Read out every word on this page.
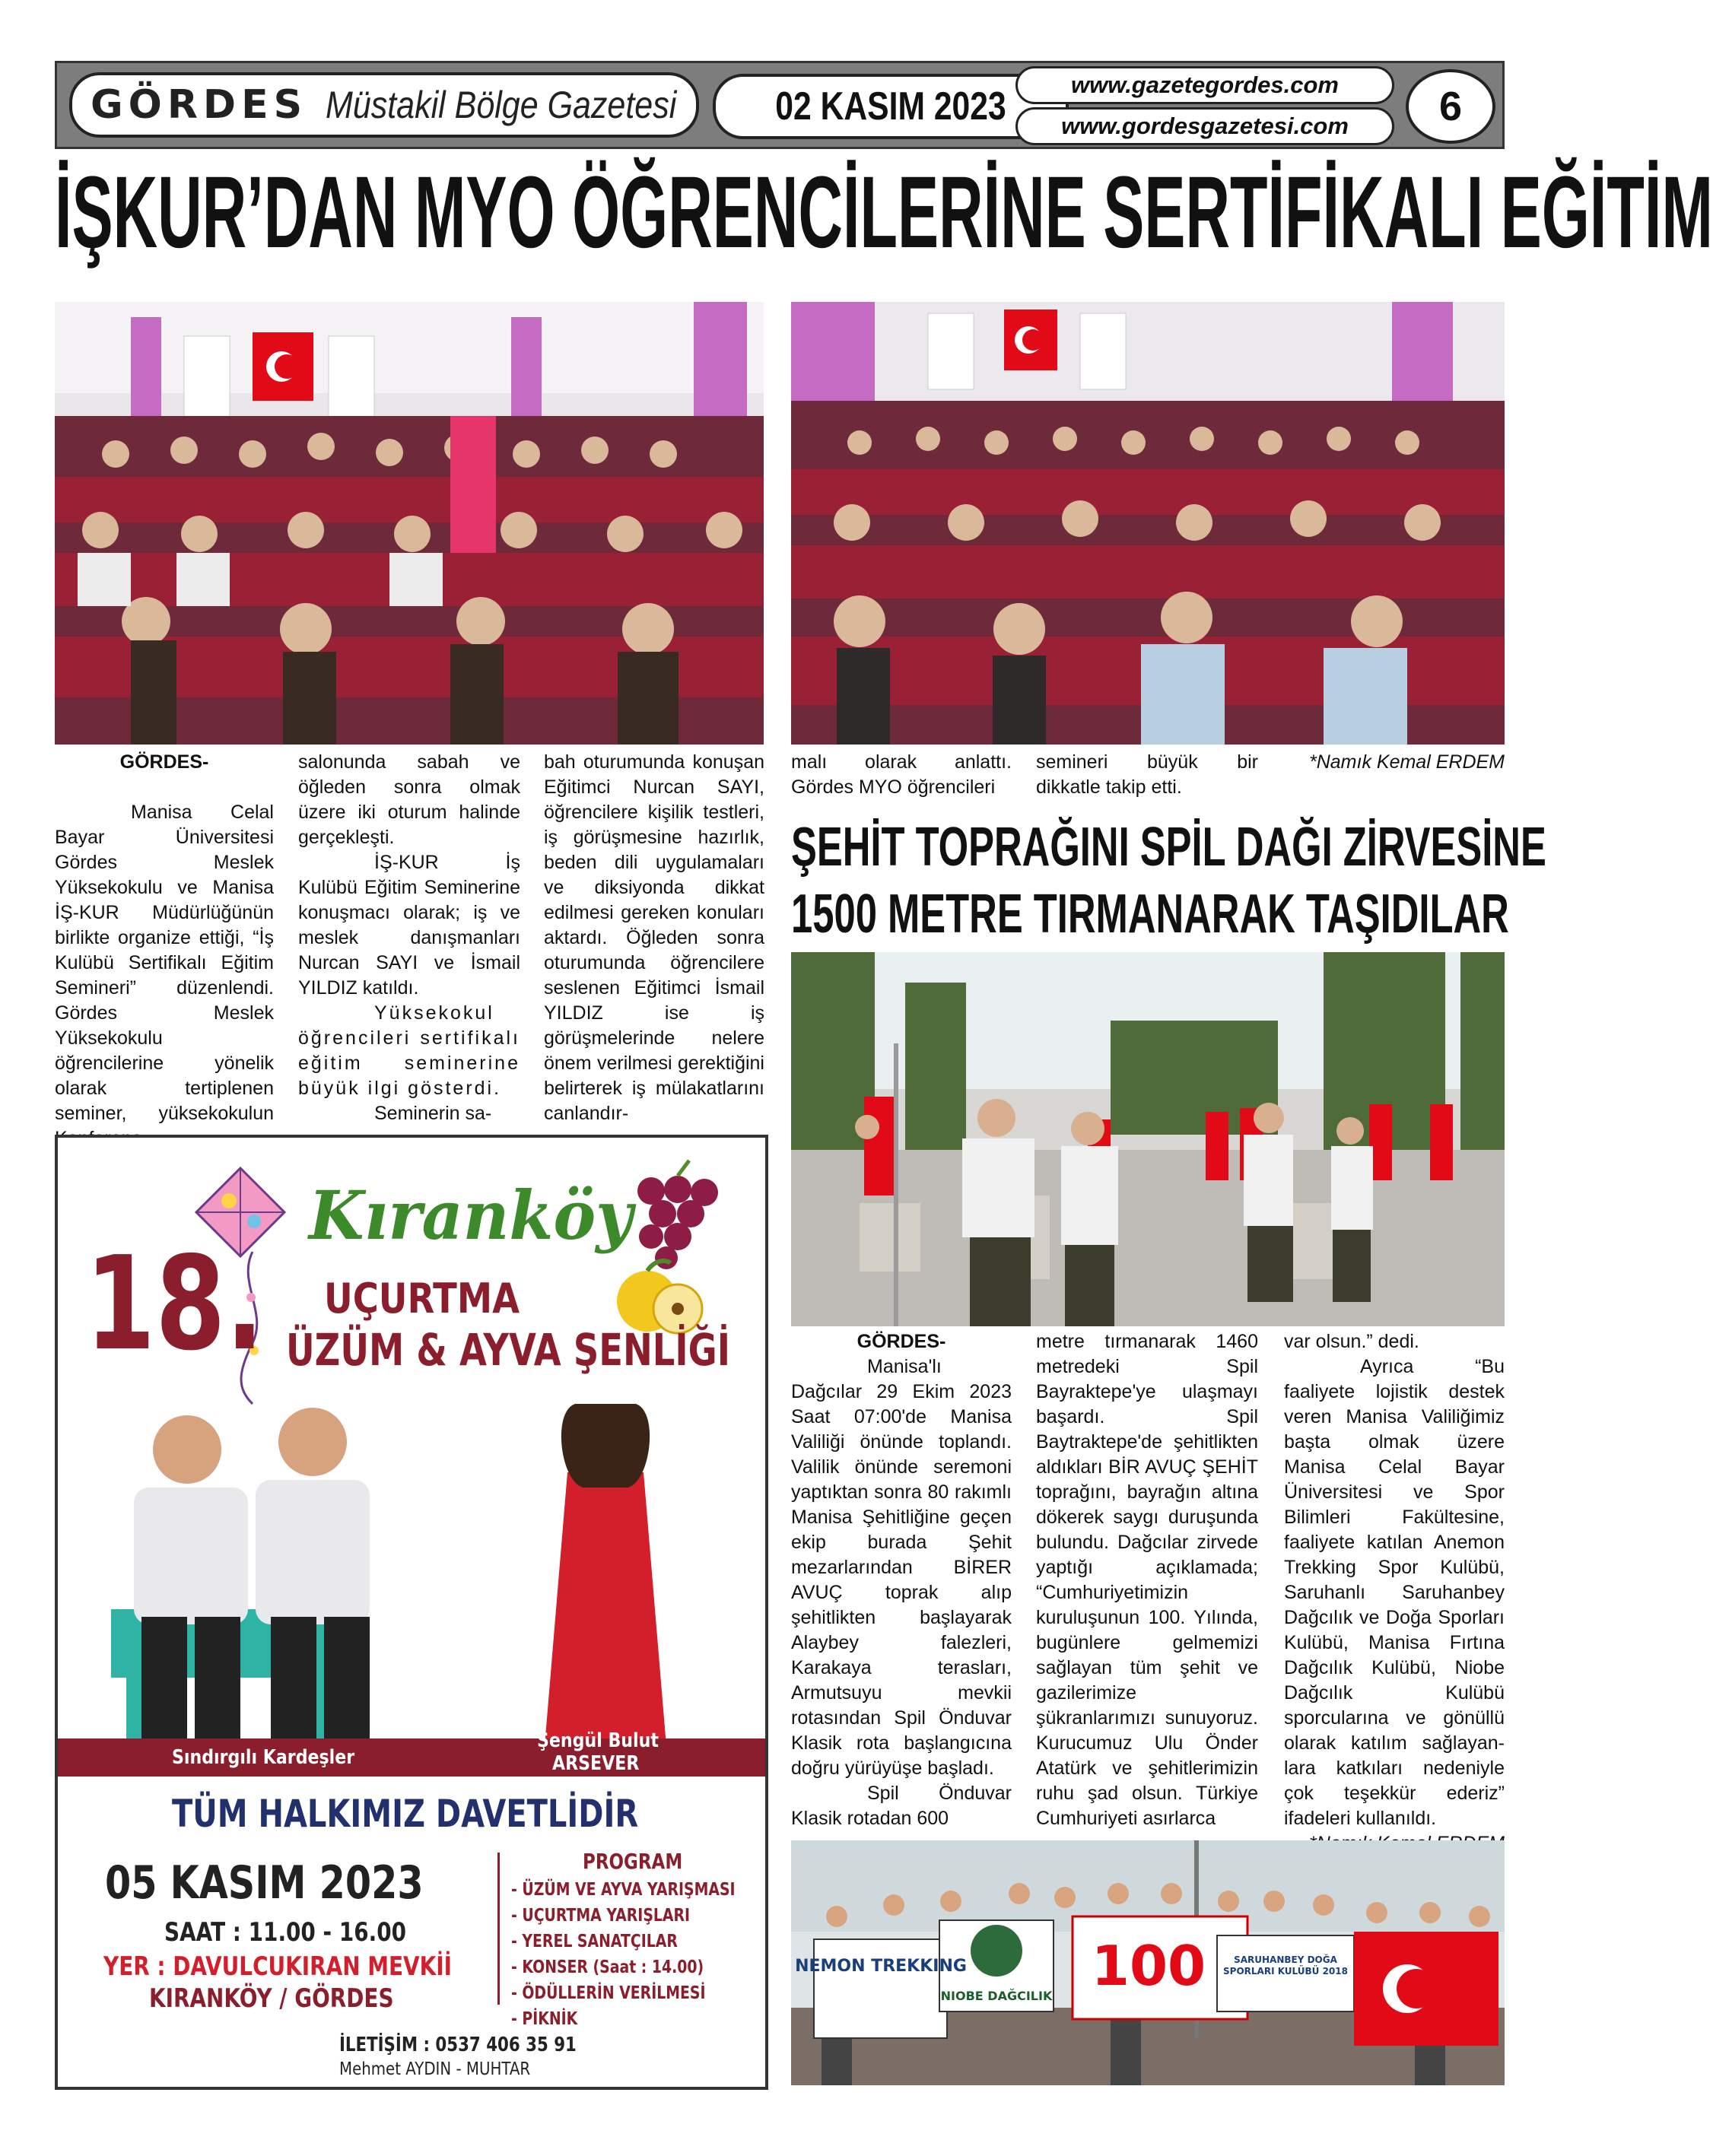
GÖRDES Müstakil Bölge Gazetesi 02 KASIM 2023	www.gazetegordes.com
www.gordesgazetesi.com 6
İŞKUR’DAN MYO ÖĞRENCİLERİNE SERTİFİKALI EĞİTİM

GÖRDES-

Manisa Celal Bayar Üniversitesi Gördes Meslek Yüksekokulu ve Manisa İŞ-KUR Müdürlüğünün birlikte organize ettiği, “İş Kulübü Sertifikalı Eğitim Semineri” düzenlendi. Gördes Meslek Yüksekokulu öğrencilerine yönelik olarak tertiplenen seminer, yüksekokulun

salonunda sabah ve öğleden sonra olmak üzere iki oturum halinde gerçekleşti.

İŞ-KUR İş Kulübü Eğitim Seminerine konuşmacı olarak; iş ve meslek danışmanları Nurcan SAYI ve İsmail YILDIZ katıldı.

Yüksekokul öğrencileri sertifikalı eğitim seminerine büyük ilgi gösterdi.

Seminerin sa-

bah oturumunda konuşan Eğitimci Nurcan SAYI, öğrencilere kişilik testleri, iş görüşmesine hazırlık, beden dili uygulamaları ve diksiyonda dikkat edilmesi gereken konuları aktardı. Öğleden sonra oturumunda öğrencilere seslenen Eğitimci İsmail YILDIZ ise iş görüşmelerinde nelere önem verilmesi gerektiğini belirterek iş mülakatlarını canlandır-

malı olarak anlattı. Gördes MYO öğrencileri

semineri büyük bir dikkatle takip etti.

*Namık Kemal ERDEM
ŞEHİT TOPRAĞINI SPİL DAĞI ZİRVESİNE
1500 METRE TIRMANARAK TAŞIDILAR

GÖRDES-

Manisa'lı Dağcılar 29 Ekim 2023 Saat 07:00'de Manisa Valiliği önünde toplandı. Valilik önünde seremoni yaptıktan sonra 80 rakımlı Manisa Şehitliğine geçen ekip burada Şehit mezarlarından BİRER AVUÇ toprak alıp şehitlikten başlayarak Alaybey falezleri, Karakaya terasları, Armutsuyu mevkii rotasından Spil Önduvar Klasik rota başlangıcına doğru yürüyüşe başladı.

Spil Önduvar Klasik rotadan 600

metre tırmanarak 1460 metredeki Spil Bayraktepe'ye ulaşmayı başardı. Spil Baytraktepe'de şehitlikten aldıkları BİR AVUÇ ŞEHİT toprağını, bayrağın altına dökerek saygı duruşunda bulundu. Dağcılar zirvede yaptığı açıklamada; “Cumhuriyetimizin kuruluşunun 100. Yılında, bugünlere gelmemizi sağlayan tüm şehit ve gazilerimize şükranlarımızı sunuyoruz. Kurucumuz Ulu Önder Atatürk ve şehitlerimizin ruhu şad olsun. Türkiye Cumhuriyeti asırlarca

var olsun.” dedi.

Ayrıca “Bu faaliyete lojistik destek veren Manisa Valiliğimiz başta olmak üzere Manisa Celal Bayar Üniversitesi ve Spor Bilimleri Fakültesine, faaliyete katılan Anemon Trekking Spor Kulübü, Saruhanlı Saruhanbey Dağcılık ve Doğa Sporları Kulübü, Manisa Fırtına Dağcılık Kulübü, Niobe Dağcılık Kulübü sporcularına ve gönüllü olarak katılım sağlayan- lara katkıları nedeniyle çok teşekkür ederiz” ifadeleri kullanıldı.

NEMON TREKKING
NIOBE DAĞCILIK 100	SARUHANBEY DOĞA SPORLARI KULÜBÜ 2018
Kıranköy
18. UÇURTMA
ÜZÜM & AYVA ŞENLİĞİ
Sındırgılı Kardeşler
Şengül Bulut
ARSEVER
TÜM HALKIMIZ DAVETLİDİR
05 KASIM 2023
SAAT : 11.00 - 16.00
YER : DAVULCUKIRAN MEVKİİ
KIRANKÖY / GÖRDES
PROGRAM
- ÜZÜM VE AYVA YARIŞMASI
- UÇURTMA YARIŞLARI
- YEREL SANATÇILAR
- KONSER (Saat : 14.00)
- ÖDÜLLERİN VERİLMESİ
- PİKNİK
İLETİŞİM : 0537 406 35 91
Mehmet AYDIN - MUHTAR
